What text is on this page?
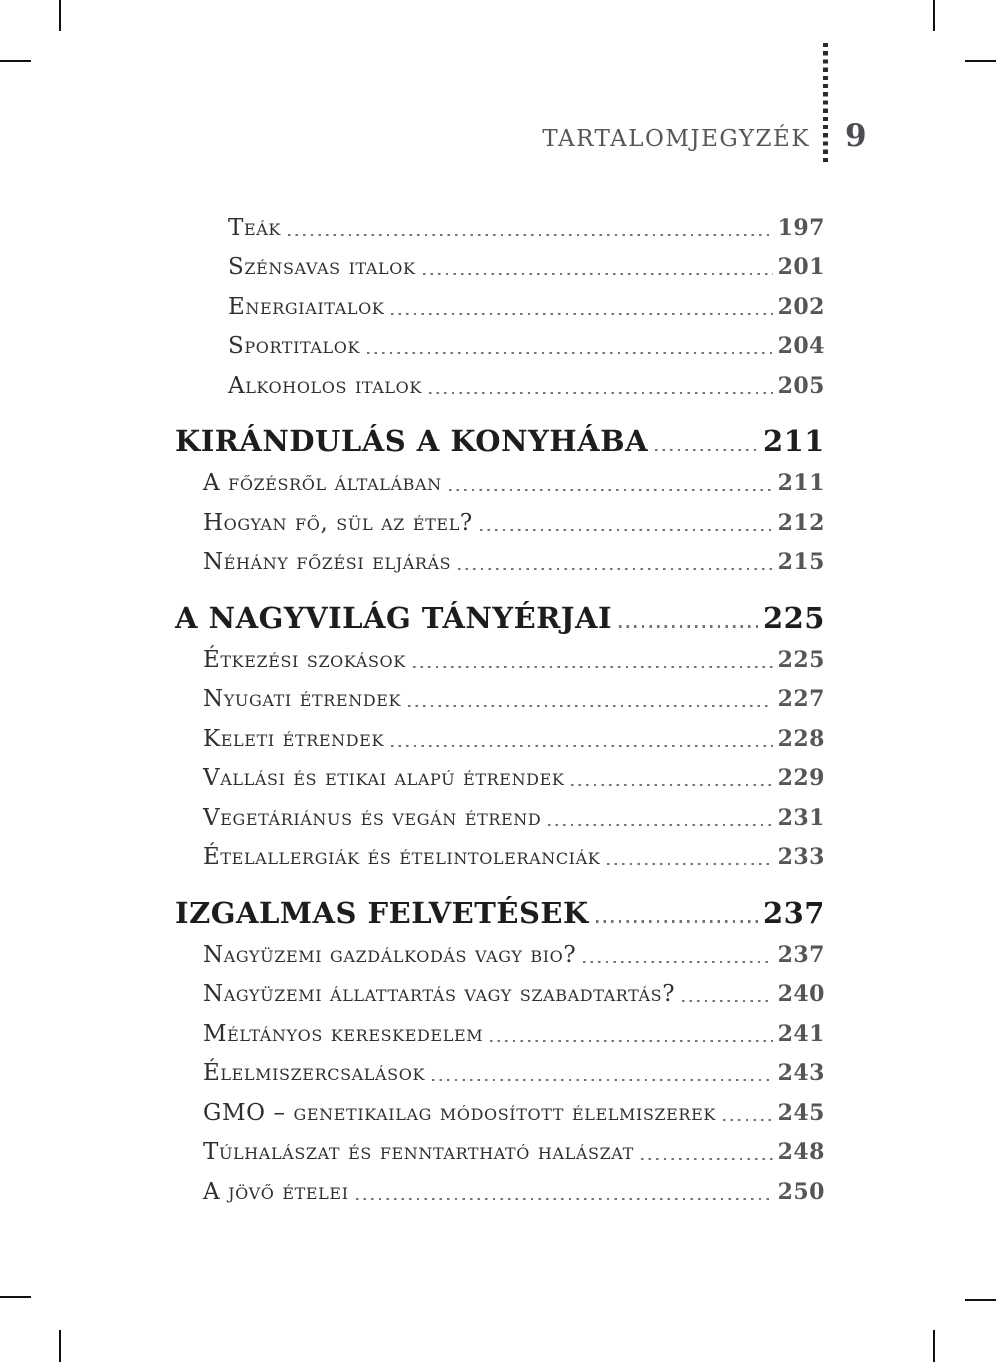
TARTALOMJEGYZÉK 9
Teák	197
Szénsavas italok	201
Energiaitalok	202
Sportitalok	204
Alkoholos italok	205
KIRÁNDULÁS A KONYHÁBA	211
A főzésről általában	211
Hogyan fő, sül az étel?	212
Néhány főzési eljárás	215
A NAGYVILÁG TÁNYÉRJAI	225
Étkezési szokások	225
Nyugati étrendek	227
Keleti étrendek	228
Vallási és etikai alapú étrendek	229
Vegetáriánus és vegán étrend	231
Ételallergiák és ételintoleranciák	233
IZGALMAS FELVETÉSEK	237
Nagyüzemi gazdálkodás vagy bio?	237
Nagyüzemi állattartás vagy szabadtartás?	240
Méltányos kereskedelem	241
Élelmiszercsalások	243
GMO – genetikailag módosított élelmiszerek	245
Túlhalászat és fenntartható halászat	248
A jövő ételei	250
